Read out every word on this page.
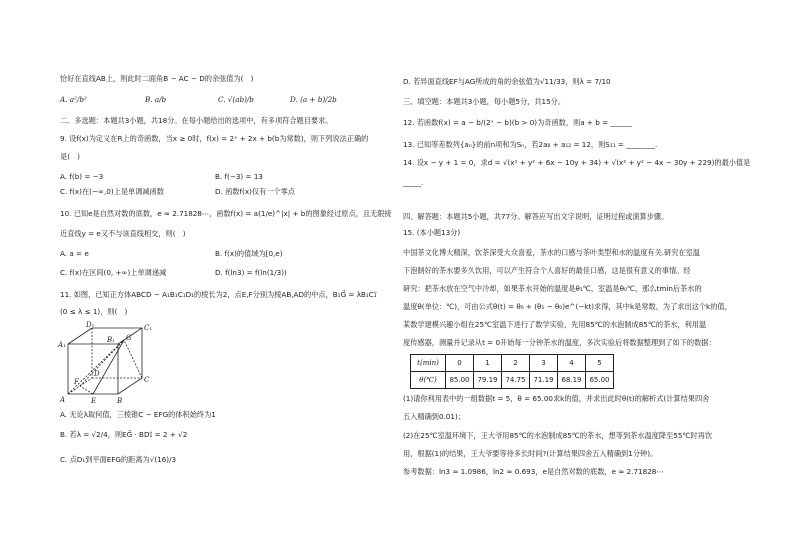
恰好在直线AB上，则此时二面角B − AC − D的余弦值为(　)
A. a²/b²	B. a/b	C. √(ab)/b	D. (a + b)/2b
二、多选题：本题共3小题，共18分。在每小题给出的选项中，有多项符合题目要求。
9. 设f(x)为定义在R上的奇函数，当x ≥ 0时，f(x) = 2ˣ + 2x + b(b为常数)，则下列说法正确的
是(　)
A. f(b) = −3	B. f(−3) = 13
C. f(x)在(−∞,0)上是单调减函数	D. 函数f(x)仅有一个零点
10. 已知e是自然对数的底数，e ≈ 2.71828⋯，函数f(x) = a(1/e)^|x| + b的图象经过原点，且无限接
近直线y = e又不与该直线相交，则(　)
A. a = e	B. f(x)的值域为[0,e)
C. f(x)在区间(0, +∞)上单调递减	D. f(ln3) = f(ln(1/3))
11. 如图，已知正方体ABCD − A₁B₁C₁D₁的棱长为2，点E,F分别为棱AB,AD的中点，B₁G⃗ = λB₁C₁⃗
(0 ≤ λ ≤ 1)，则(　)
D₁	C₁
A₁
B₁ G
D
C
F
A	E	B
A. 无论λ取何值，三棱锥C − EFG的体积始终为1
B. 若λ = √2/4，则EG⃗ · BD₁⃗ = 2 + √2
C. 点D₁到平面EFG的距离为√(16)/3
D. 若异面直线EF与AG所成的角的余弦值为√11/33，则λ = 7/10
三、填空题：本题共3小题，每小题5分，共15分。
12. 若函数f(x) = a − b/(2ˣ − b)(b > 0)为奇函数，则a + b = ______
13. 已知等差数列{aₙ}的前n项和为Sₙ，若2a₈ + a₁₂ = 12，则S₁₁ = ________.
14. 设x − y + 1 = 0，求d = √(x² + y² + 6x − 10y + 34) + √(x² + y² − 4x − 30y + 229)的最小值是
_____.
四、解答题：本题共5小题，共77分。解答应写出文字说明，证明过程或演算步骤。
15. (本小题13分)
中国茶文化博大精深，饮茶深受大众喜爱，茶水的口感与茶叶类型和水的温度有关.研究在室温
下泡制好的茶水要多久饮用，可以产生符合个人喜好的最佳口感，这是很有意义的事情。经
研究：把茶水放在空气中冷却，如果茶水开始的温度是θ₁℃，室温是θ₀℃，那么tmin后茶水的
温度θ(单位：℃)，可由公式θ(t) = θ₀ + (θ₁ − θ₀)e^(−kt)求得，其中k是常数，为了求出这个k的值，
某数学建模兴趣小组在25℃室温下进行了数学实验，先用85℃的水泡制成85℃的茶水，利用温
度传感器，测量并记录从t = 0开始每一分钟茶水的温度，多次实验后将数据整理到了如下的数据：
t(min)	0	1	2	3	4	5
θ(℃)	85.00	79.19	74.75	71.19	68.19	65.00
(1)请你利用表中的一组数据t = 5，θ = 65.00求k的值，并求出此时θ(t)的解析式(计算结果四舍
五入精确到0.01)；
(2)在25℃室温环境下，王大爷用85℃的水泡制成85℃的茶水，想等到茶水温度降至55℃时再饮
用，根据(1)的结果，王大爷要等待多长时间?(计算结果四舍五入精确到1分钟)。
参考数据：ln3 ≈ 1.0986，ln2 ≈ 0.693，e是自然对数的底数，e ≈ 2.71828⋯
